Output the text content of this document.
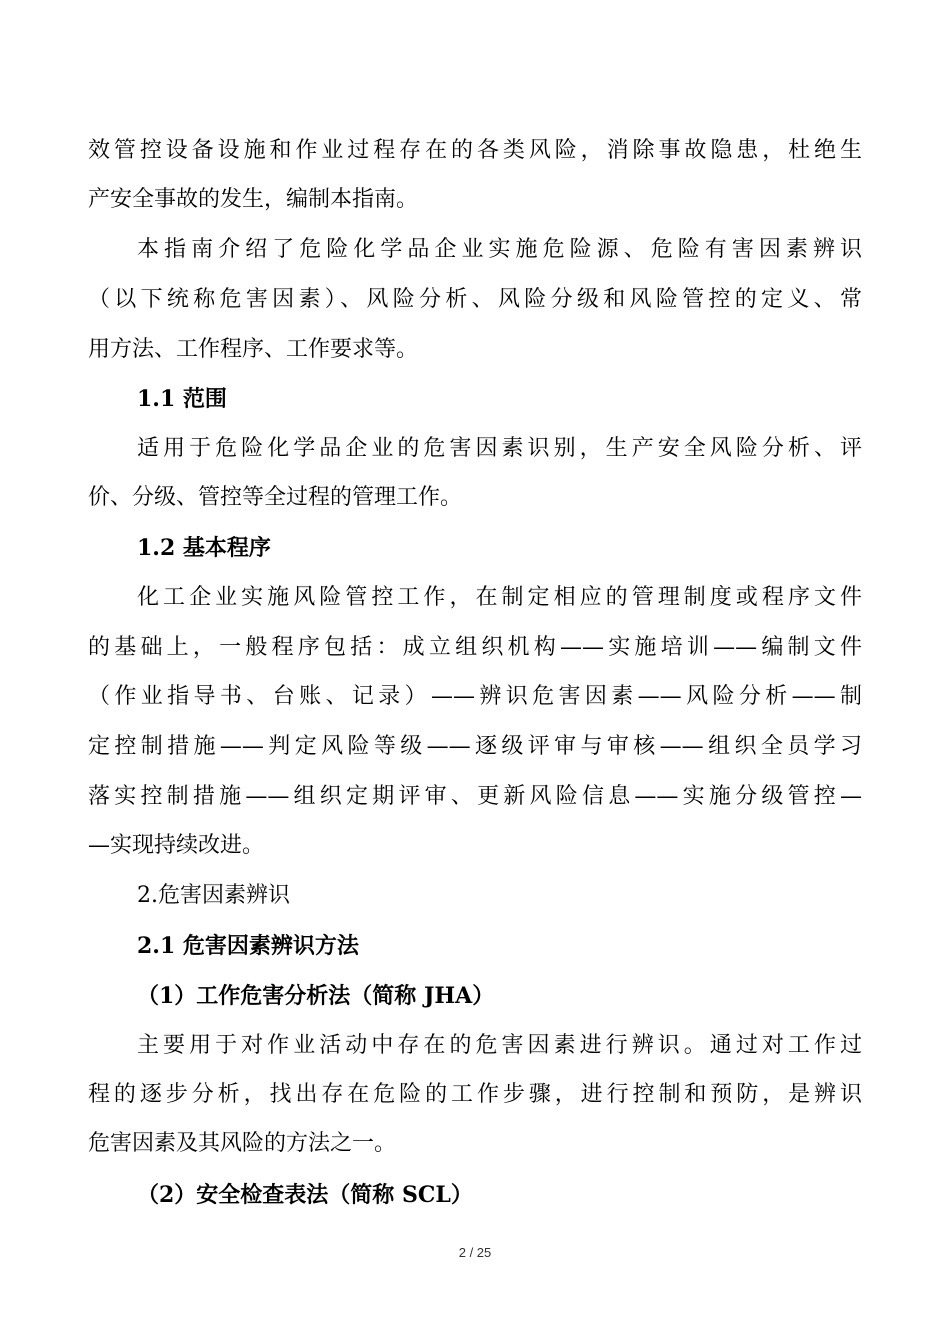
效管控设备设施和作业过程存在的各类风险，消除事故隐患，杜绝生
产安全事故的发生，编制本指南。
本指南介绍了危险化学品企业实施危险源、危险有害因素辨识
（以下统称危害因素）、风险分析、风险分级和风险管控的定义、常
用方法、工作程序、工作要求等。
1.1 范围
适用于危险化学品企业的危害因素识别，生产安全风险分析、评
价、分级、管控等全过程的管理工作。
1.2 基本程序
化工企业实施风险管控工作，在制定相应的管理制度或程序文件
的基础上，一般程序包括：成立组织机构——实施培训——编制文件
（作业指导书、台账、记录）——辨识危害因素——风险分析——制
定控制措施——判定风险等级——逐级评审与审核——组织全员学习
落实控制措施——组织定期评审、更新风险信息——实施分级管控—
—实现持续改进。
2.危害因素辨识
2.1 危害因素辨识方法
（1）工作危害分析法（简称 JHA）
主要用于对作业活动中存在的危害因素进行辨识。通过对工作过
程的逐步分析，找出存在危险的工作步骤，进行控制和预防，是辨识
危害因素及其风险的方法之一。
（2）安全检查表法（简称 SCL）
2 / 25
